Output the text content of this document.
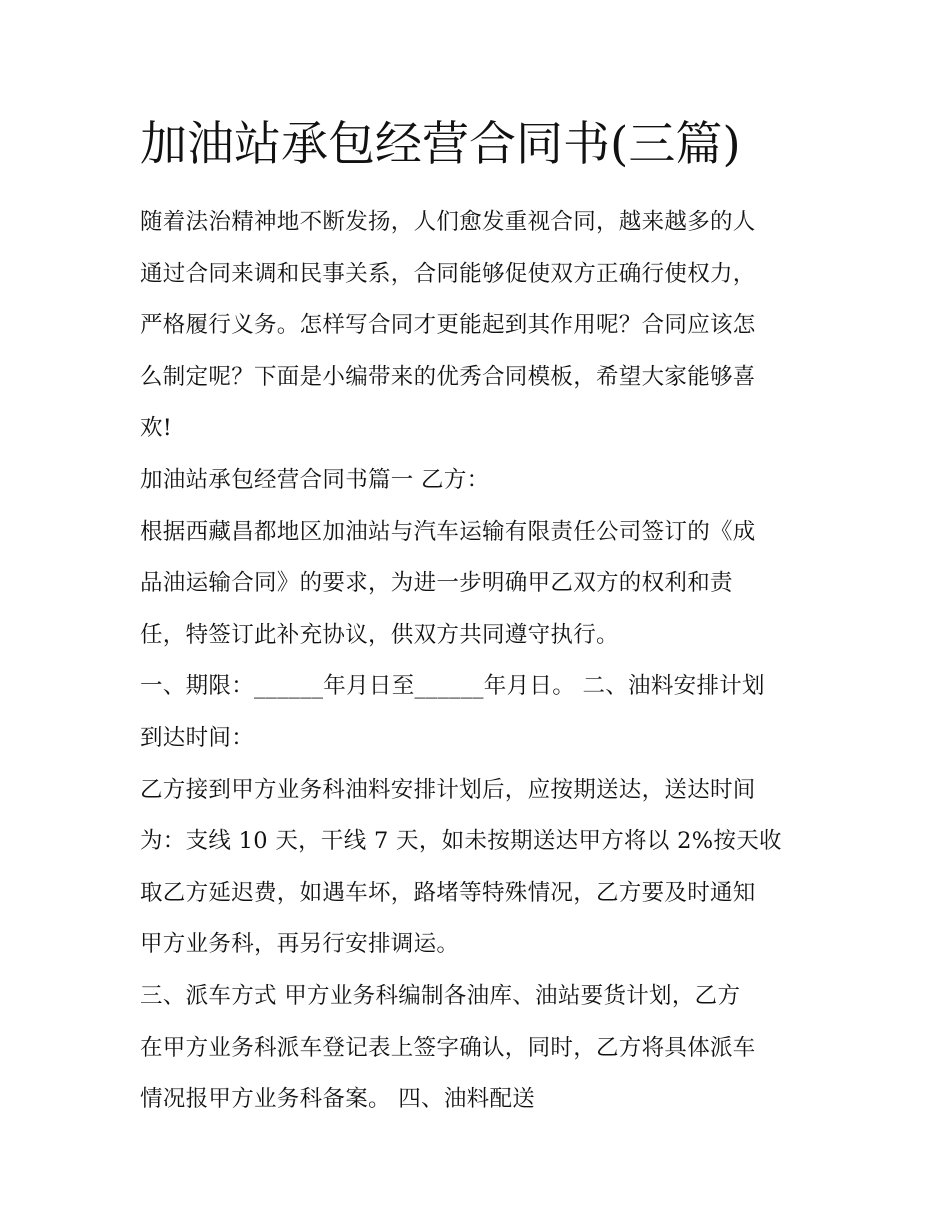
加油站承包经营合同书(三篇)
随着法治精神地不断发扬，人们愈发重视合同，越来越多的人
通过合同来调和民事关系，合同能够促使双方正确行使权力，
严格履行义务。怎样写合同才更能起到其作用呢？合同应该怎
么制定呢？下面是小编带来的优秀合同模板，希望大家能够喜
欢!
加油站承包经营合同书篇一 乙方：
根据西藏昌都地区加油站与汽车运输有限责任公司签订的《成
品油运输合同》的要求，为进一步明确甲乙双方的权利和责
任，特签订此补充协议，供双方共同遵守执行。
一、期限：______年月日至______年月日。 二、油料安排计划
到达时间：
乙方接到甲方业务科油料安排计划后，应按期送达，送达时间
为：支线 10 天，干线 7 天，如未按期送达甲方将以 2%按天收
取乙方延迟费，如遇车坏，路堵等特殊情况，乙方要及时通知
甲方业务科，再另行安排调运。
三、派车方式 甲方业务科编制各油库、油站要货计划，乙方
在甲方业务科派车登记表上签字确认，同时，乙方将具体派车
情况报甲方业务科备案。 四、油料配送
